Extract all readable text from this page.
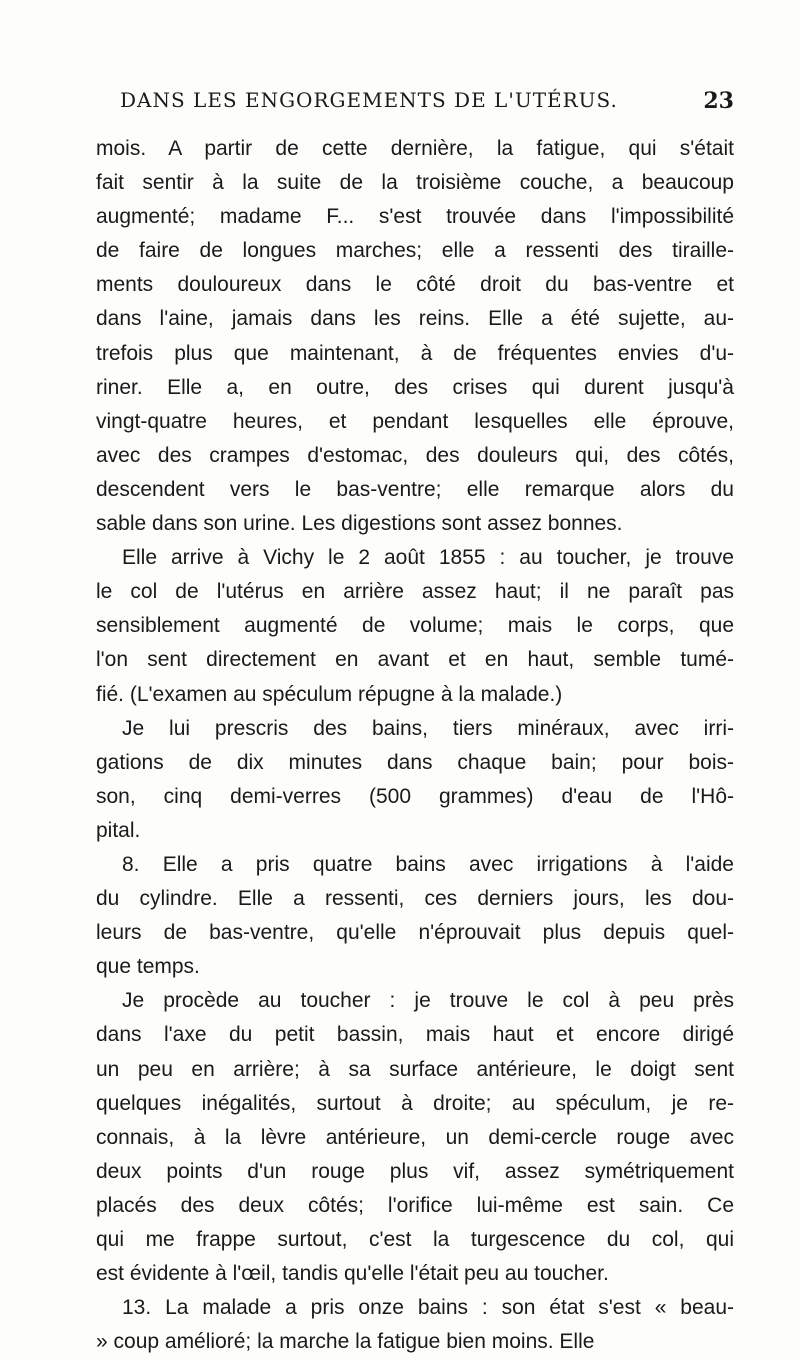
DANS LES ENGORGEMENTS DE L'UTÉRUS.	23
mois. A partir de cette dernière, la fatigue, qui s'était
fait sentir à la suite de la troisième couche, a beaucoup
augmenté; madame F... s'est trouvée dans l'impossibilité
de faire de longues marches; elle a ressenti des tiraille-
ments douloureux dans le côté droit du bas-ventre et
dans l'aine, jamais dans les reins. Elle a été sujette, au-
trefois plus que maintenant, à de fréquentes envies d'u-
riner. Elle a, en outre, des crises qui durent jusqu'à
vingt-quatre heures, et pendant lesquelles elle éprouve,
avec des crampes d'estomac, des douleurs qui, des côtés,
descendent vers le bas-ventre; elle remarque alors du
sable dans son urine. Les digestions sont assez bonnes.
Elle arrive à Vichy le 2 août 1855 : au toucher, je trouve
le col de l'utérus en arrière assez haut; il ne paraît pas
sensiblement augmenté de volume; mais le corps, que
l'on sent directement en avant et en haut, semble tumé-
fié. (L'examen au spéculum répugne à la malade.)
Je lui prescris des bains, tiers minéraux, avec irri-
gations de dix minutes dans chaque bain; pour bois-
son, cinq demi-verres (500 grammes) d'eau de l'Hô-
pital.
8. Elle a pris quatre bains avec irrigations à l'aide
du cylindre. Elle a ressenti, ces derniers jours, les dou-
leurs de bas-ventre, qu'elle n'éprouvait plus depuis quel-
que temps.
Je procède au toucher : je trouve le col à peu près
dans l'axe du petit bassin, mais haut et encore dirigé
un peu en arrière; à sa surface antérieure, le doigt sent
quelques inégalités, surtout à droite; au spéculum, je re-
connais, à la lèvre antérieure, un demi-cercle rouge avec
deux points d'un rouge plus vif, assez symétriquement
placés des deux côtés; l'orifice lui-même est sain. Ce
qui me frappe surtout, c'est la turgescence du col, qui
est évidente à l'œil, tandis qu'elle l'était peu au toucher.
13. La malade a pris onze bains : son état s'est « beau-
» coup amélioré; la marche la fatigue bien moins. Elle
